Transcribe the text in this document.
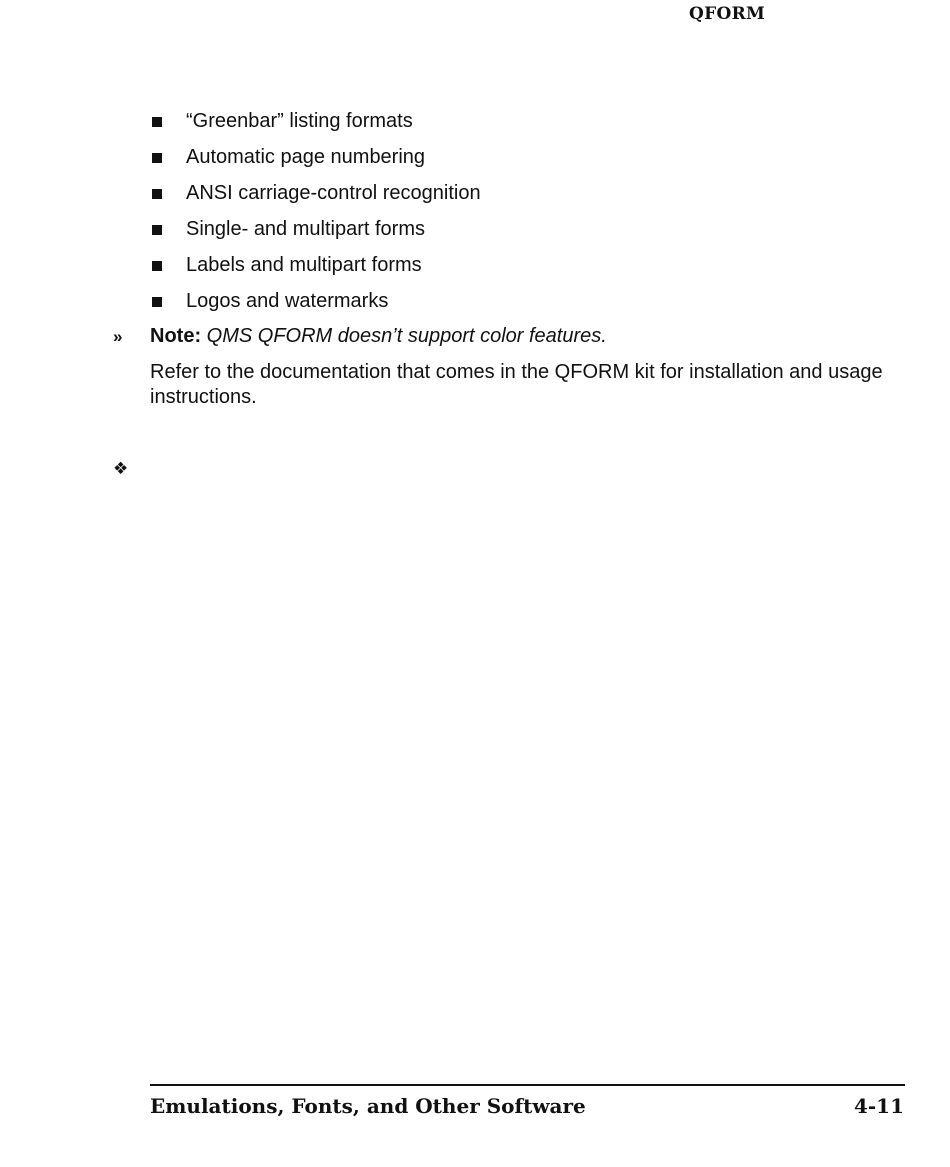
QFORM
“Greenbar” listing formats
Automatic page numbering
ANSI carriage-control recognition
Single- and multipart forms
Labels and multipart forms
Logos and watermarks
» Note: QMS QFORM doesn’t support color features.

Refer to the documentation that comes in the QFORM kit for installation and usage instructions.

❖
Emulations, Fonts, and Other Software	4-11
